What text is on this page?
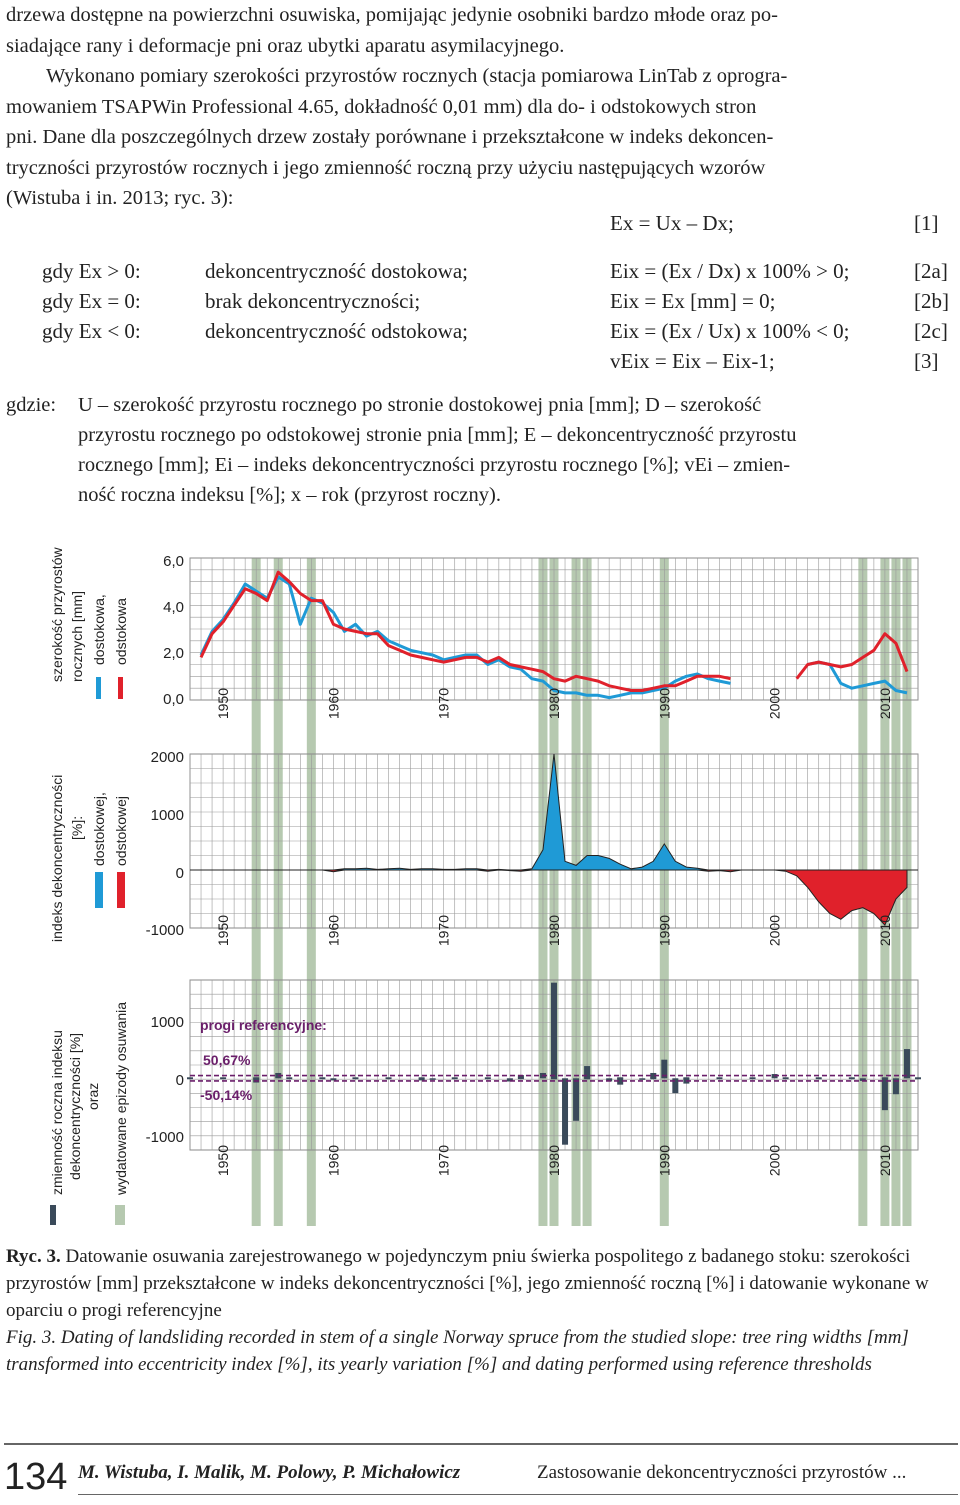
drzewa dostępne na powierzchni osuwiska, pomijając jedynie osobniki bardzo młode oraz po-
siadające rany i deformacje pni oraz ubytki aparatu asymilacyjnego.
Wykonano pomiary szerokości przyrostów rocznych (stacja pomiarowa LinTab z oprogra-
mowaniem TSAPWin Professional 4.65, dokładność 0,01 mm) dla do- i odstokowych stron
pni. Dane dla poszczególnych drzew zostały porównane i przekształcone w indeks dekoncen-
tryczności przyrostów rocznych i jego zmienność roczną przy użyciu następujących wzorów
(Wistuba i in. 2013; ryc. 3):
Ex = Ux – Dx;	[1]
gdy Ex > 0:	dekoncentryczność dostokowa;	Eix = (Ex / Dx) x 100% > 0;	[2a]
gdy Ex = 0:	brak dekoncentryczności;	Eix = Ex [mm] = 0;	[2b]
gdy Ex < 0:	dekoncentryczność odstokowa;	Eix = (Ex / Ux) x 100% < 0;	[2c]
vEix = Eix – Eix-1;	[3]
gdzie: U – szerokość przyrostu rocznego po stronie dostokowej pnia [mm]; D – szerokość
przyrostu rocznego po odstokowej stronie pnia [mm]; E – dekoncentryczność przyrostu
rocznego [mm]; Ei – indeks dekoncentryczności przyrostu rocznego [%]; vEi – zmien-
ność roczna indeksu [%]; x – rok (przyrost roczny).
szerokość przyrostów rocznych [mm] dostokowa, odstokowa
indeks dekoncentryczności [%]: dostokowej, odstokowej
zmienność roczna indeksu dekoncentryczności [%] oraz wydatowane epizody osuwania
6,0
4,0
2,0
0,0
2000
1000
0
-1000
1000
0
-1000
progi referencyjne:
50,67%
-50,14%
1950	1960	1970	1980	1990	2000	2010
1950	1960	1970	1980	1990	2000	2010
1950	1960	1970	1980	1990	2000	2010
Ryc. 3. Datowanie osuwania zarejestrowanego w pojedynczym pniu świerka pospolitego z badanego stoku: szerokości przyrostów [mm] przekształcone w indeks dekoncentryczności [%], jego zmienność roczną [%] i datowanie wykonane w oparciu o progi referencyjne
Fig. 3. Dating of landsliding recorded in stem of a single Norway spruce from the studied slope: tree ring widths [mm] transformed into eccentricity index [%], its yearly variation [%] and dating performed using reference thresholds
134 M. Wistuba, I. Malik, M. Polowy, P. Michałowicz	Zastosowanie dekoncentryczności przyrostów ...
